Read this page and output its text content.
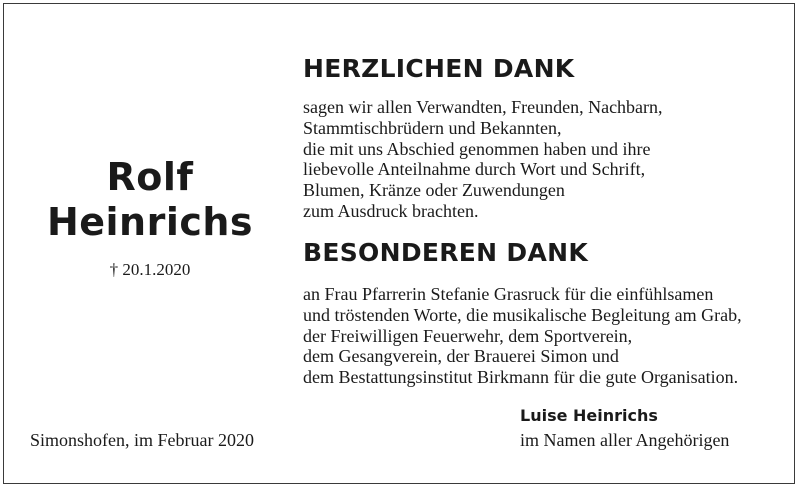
Rolf
Heinrichs
† 20.1.2020
Simonshofen, im Februar 2020
HERZLICHEN DANK
sagen wir allen Verwandten, Freunden, Nachbarn,
Stammtischbrüdern und Bekannten,
die mit uns Abschied genommen haben und ihre
liebevolle Anteilnahme durch Wort und Schrift,
Blumen, Kränze oder Zuwendungen
zum Ausdruck brachten.
BESONDEREN DANK
an Frau Pfarrerin Stefanie Grasruck für die einfühlsamen
und tröstenden Worte, die musikalische Begleitung am Grab,
der Freiwilligen Feuerwehr, dem Sportverein,
dem Gesangverein, der Brauerei Simon und
dem Bestattungsinstitut Birkmann für die gute Organisation.
Luise Heinrichs
im Namen aller Angehörigen
